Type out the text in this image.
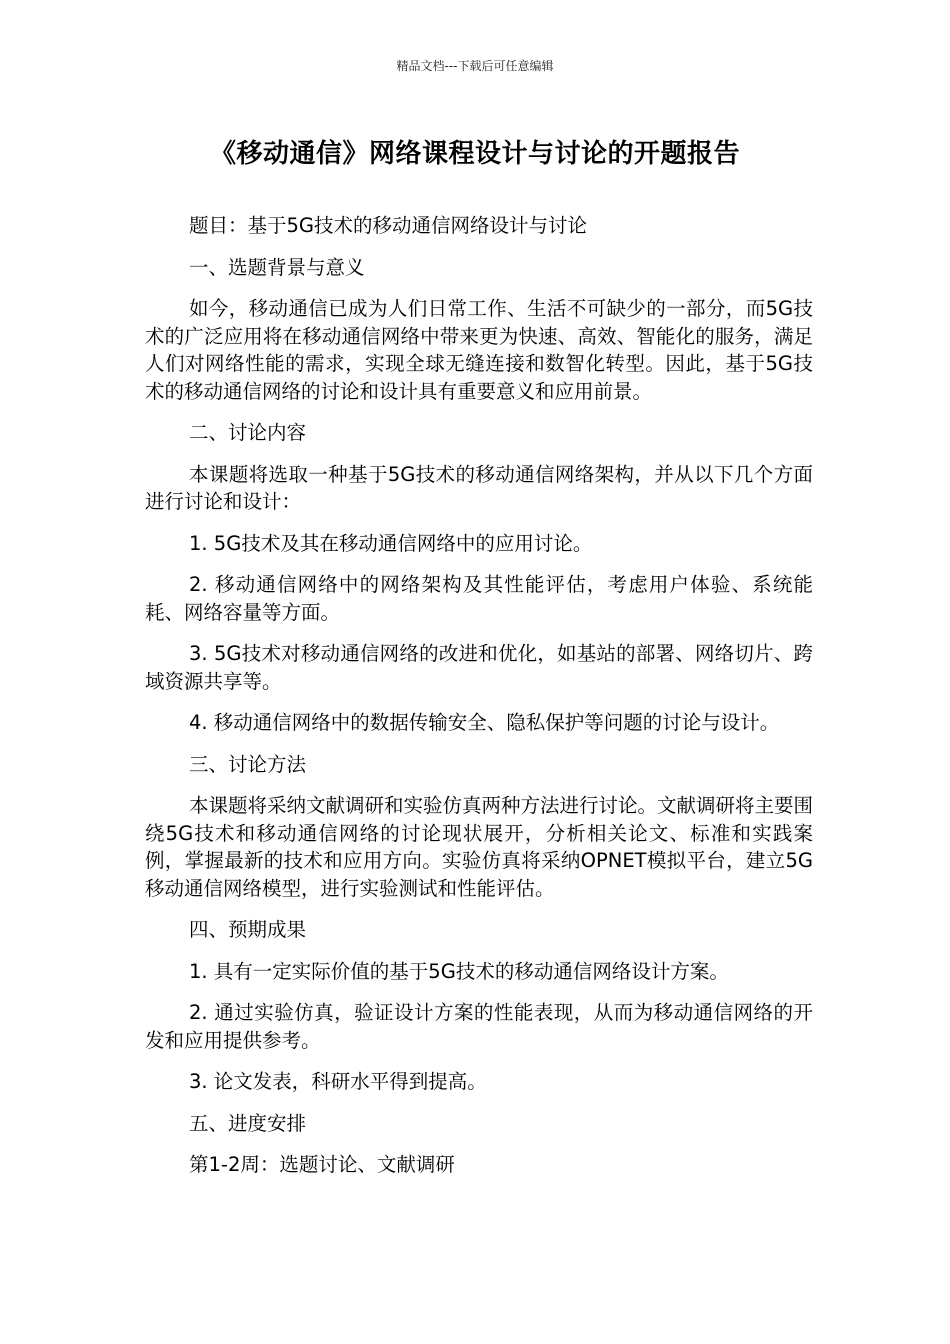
精品文档---下载后可任意编辑
《移动通信》网络课程设计与讨论的开题报告

题目：基于5G技术的移动通信网络设计与讨论

一、选题背景与意义

如今，移动通信已成为人们日常工作、生活不可缺少的一部分，而5G技术的广泛应用将在移动通信网络中带来更为快速、高效、智能化的服务，满足人们对网络性能的需求，实现全球无缝连接和数智化转型。因此，基于5G技术的移动通信网络的讨论和设计具有重要意义和应用前景。

二、讨论内容

本课题将选取一种基于5G技术的移动通信网络架构，并从以下几个方面进行讨论和设计：

1. 5G技术及其在移动通信网络中的应用讨论。

2. 移动通信网络中的网络架构及其性能评估，考虑用户体验、系统能耗、网络容量等方面。

3. 5G技术对移动通信网络的改进和优化，如基站的部署、网络切片、跨域资源共享等。

4. 移动通信网络中的数据传输安全、隐私保护等问题的讨论与设计。

三、讨论方法

本课题将采纳文献调研和实验仿真两种方法进行讨论。文献调研将主要围绕5G技术和移动通信网络的讨论现状展开，分析相关论文、标准和实践案例，掌握最新的技术和应用方向。实验仿真将采纳OPNET模拟平台，建立5G移动通信网络模型，进行实验测试和性能评估。

四、预期成果

1. 具有一定实际价值的基于5G技术的移动通信网络设计方案。

2. 通过实验仿真，验证设计方案的性能表现，从而为移动通信网络的开发和应用提供参考。

3. 论文发表，科研水平得到提高。

五、进度安排

第1-2周：选题讨论、文献调研
